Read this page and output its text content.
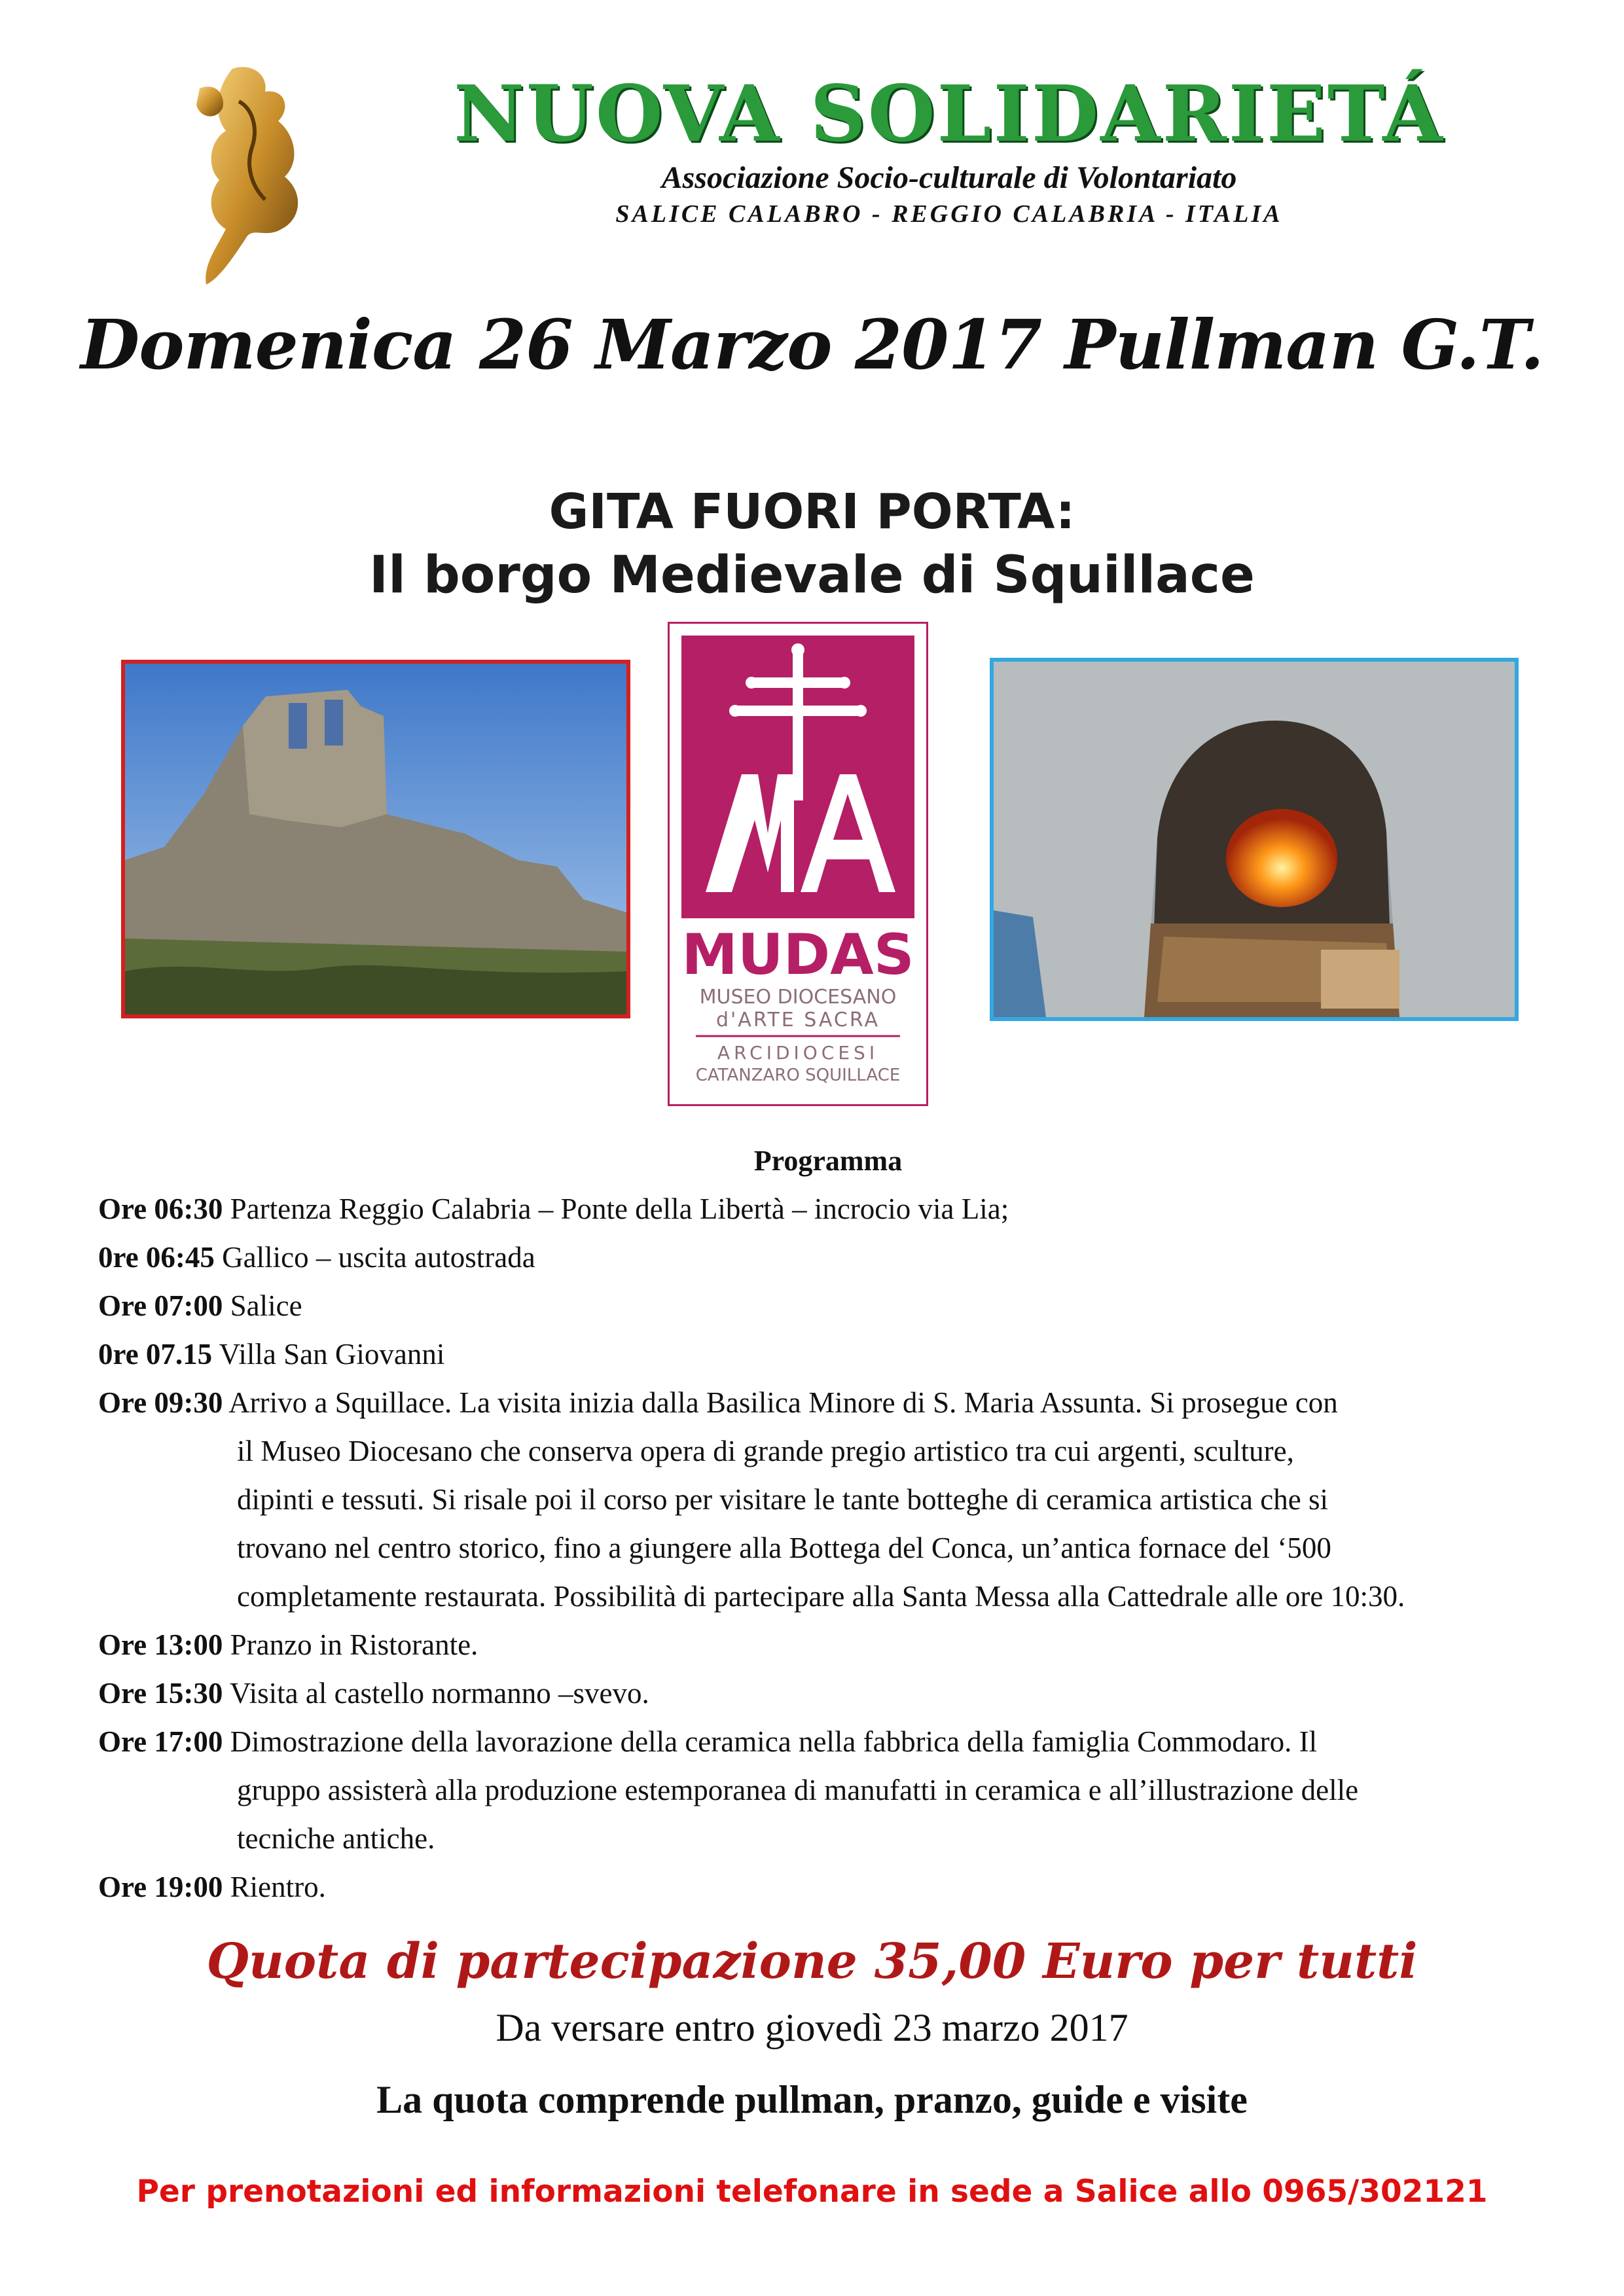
NUOVA SOLIDARIETÁ
Associazione Socio-culturale di Volontariato
SALICE CALABRO - REGGIO CALABRIA - ITALIA
Domenica 26 Marzo 2017 Pullman G.T.
GITA FUORI PORTA:
Il borgo Medievale di Squillace
MUDAS
MUSEO DIOCESANO
d'ARTE SACRA
ARCIDIOCESI
CATANZARO SQUILLACE
Programma
Ore 06:30 Partenza Reggio Calabria – Ponte della Libertà – incrocio via Lia;
0re 06:45 Gallico – uscita autostrada
Ore 07:00 Salice
0re 07.15 Villa San Giovanni
Ore 09:30 Arrivo a Squillace. La visita inizia dalla Basilica Minore di S. Maria Assunta. Si prosegue con
il Museo Diocesano che conserva opera di grande pregio artistico tra cui argenti, sculture,
dipinti e tessuti. Si risale poi il corso per visitare le tante botteghe di ceramica artistica che si
trovano nel centro storico, fino a giungere alla Bottega del Conca, un’antica fornace del ‘500
completamente restaurata. Possibilità di partecipare alla Santa Messa alla Cattedrale alle ore 10:30.
Ore 13:00 Pranzo in Ristorante.
Ore 15:30 Visita al castello normanno –svevo.
Ore 17:00 Dimostrazione della lavorazione della ceramica nella fabbrica della famiglia Commodaro. Il
gruppo assisterà alla produzione estemporanea di manufatti in ceramica e all’illustrazione delle
tecniche antiche.
Ore 19:00 Rientro.
Quota di partecipazione 35,00 Euro per tutti
Da versare entro giovedì 23 marzo 2017
La quota comprende pullman, pranzo, guide e visite
Per prenotazioni ed informazioni telefonare in sede a Salice allo 0965/302121
